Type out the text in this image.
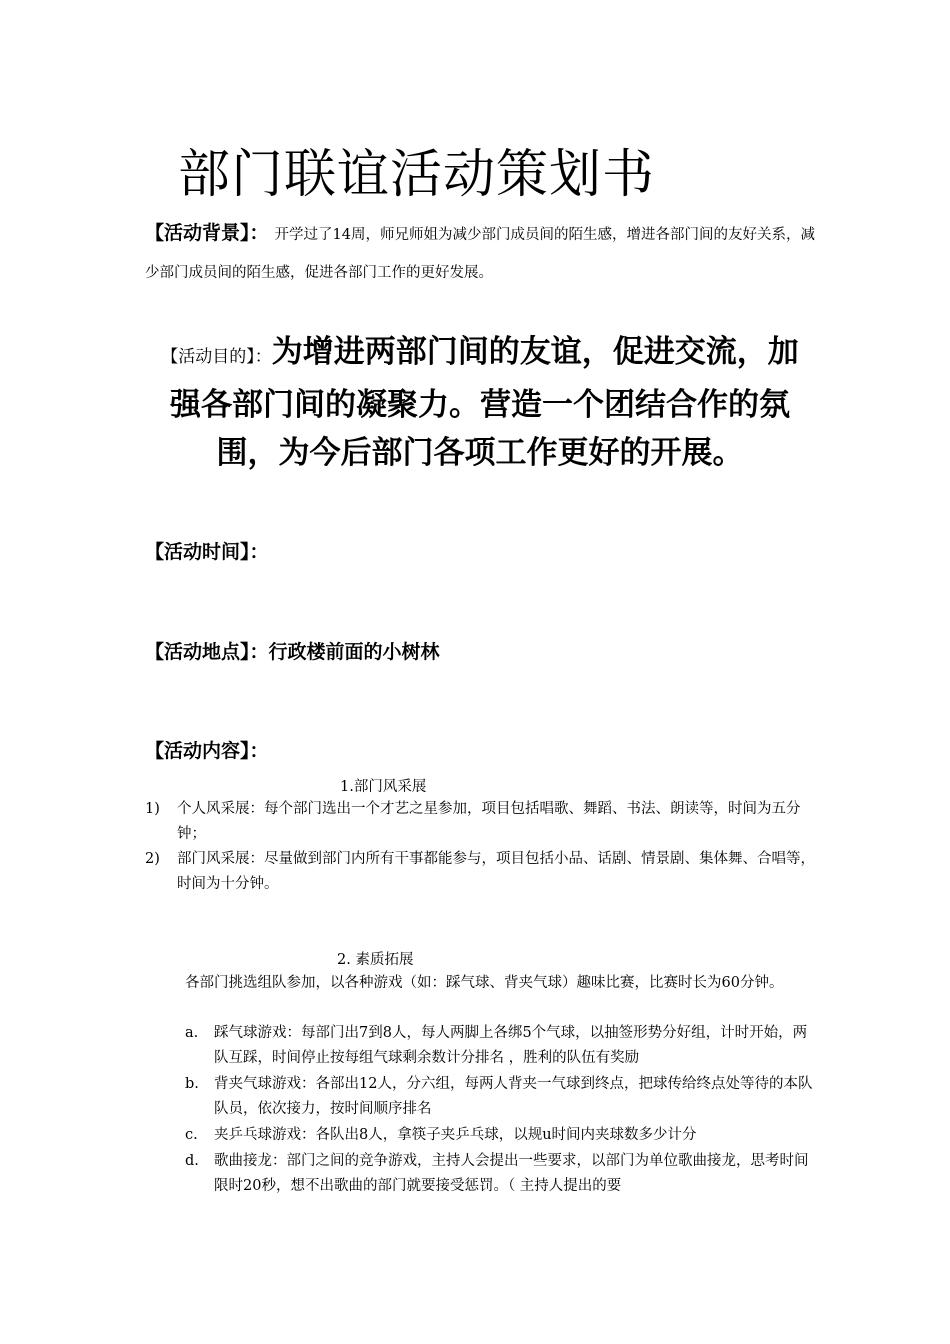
部门联谊活动策划书
【活动背景】： 开学过了14周，师兄师姐为减少部门成员间的陌生感，增进各部门间的友好关系，减少部门成员间的陌生感，促进各部门工作的更好发展。
【活动目的】：为增进两部门间的友谊，促进交流，加强各部门间的凝聚力。营造一个团结合作的氛围，为今后部门各项工作更好的开展。
【活动时间】：
【活动地点】：行政楼前面的小树林
【活动内容】：
1.部门风采展
1) 个人风采展：每个部门选出一个才艺之星参加，项目包括唱歌、舞蹈、书法、朗读等，时间为五分钟；
2) 部门风采展：尽量做到部门内所有干事都能参与，项目包括小品、话剧、情景剧、集体舞、合唱等，时间为十分钟。
2. 素质拓展
各部门挑选组队参加，以各种游戏（如：踩气球、背夹气球）趣味比赛，比赛时长为60分钟。
a. 踩气球游戏：每部门出7到8人，每人两脚上各绑5个气球，以抽签形势分好组，计时开始，两队互踩，时间停止按每组气球剩余数计分排名 ，胜利的队伍有奖励
b. 背夹气球游戏：各部出12人，分六组，每两人背夹一气球到终点，把球传给终点处等待的本队队员，依次接力，按时间顺序排名
c. 夹乒乓球游戏：各队出8人，拿筷子夹乒乓球，以规u时间内夹球数多少计分
d. 歌曲接龙：部门之间的竞争游戏，主持人会提出一些要求，以部门为单位歌曲接龙，思考时间限时20秒，想不出歌曲的部门就要接受惩罚。（ 主持人提出的要
